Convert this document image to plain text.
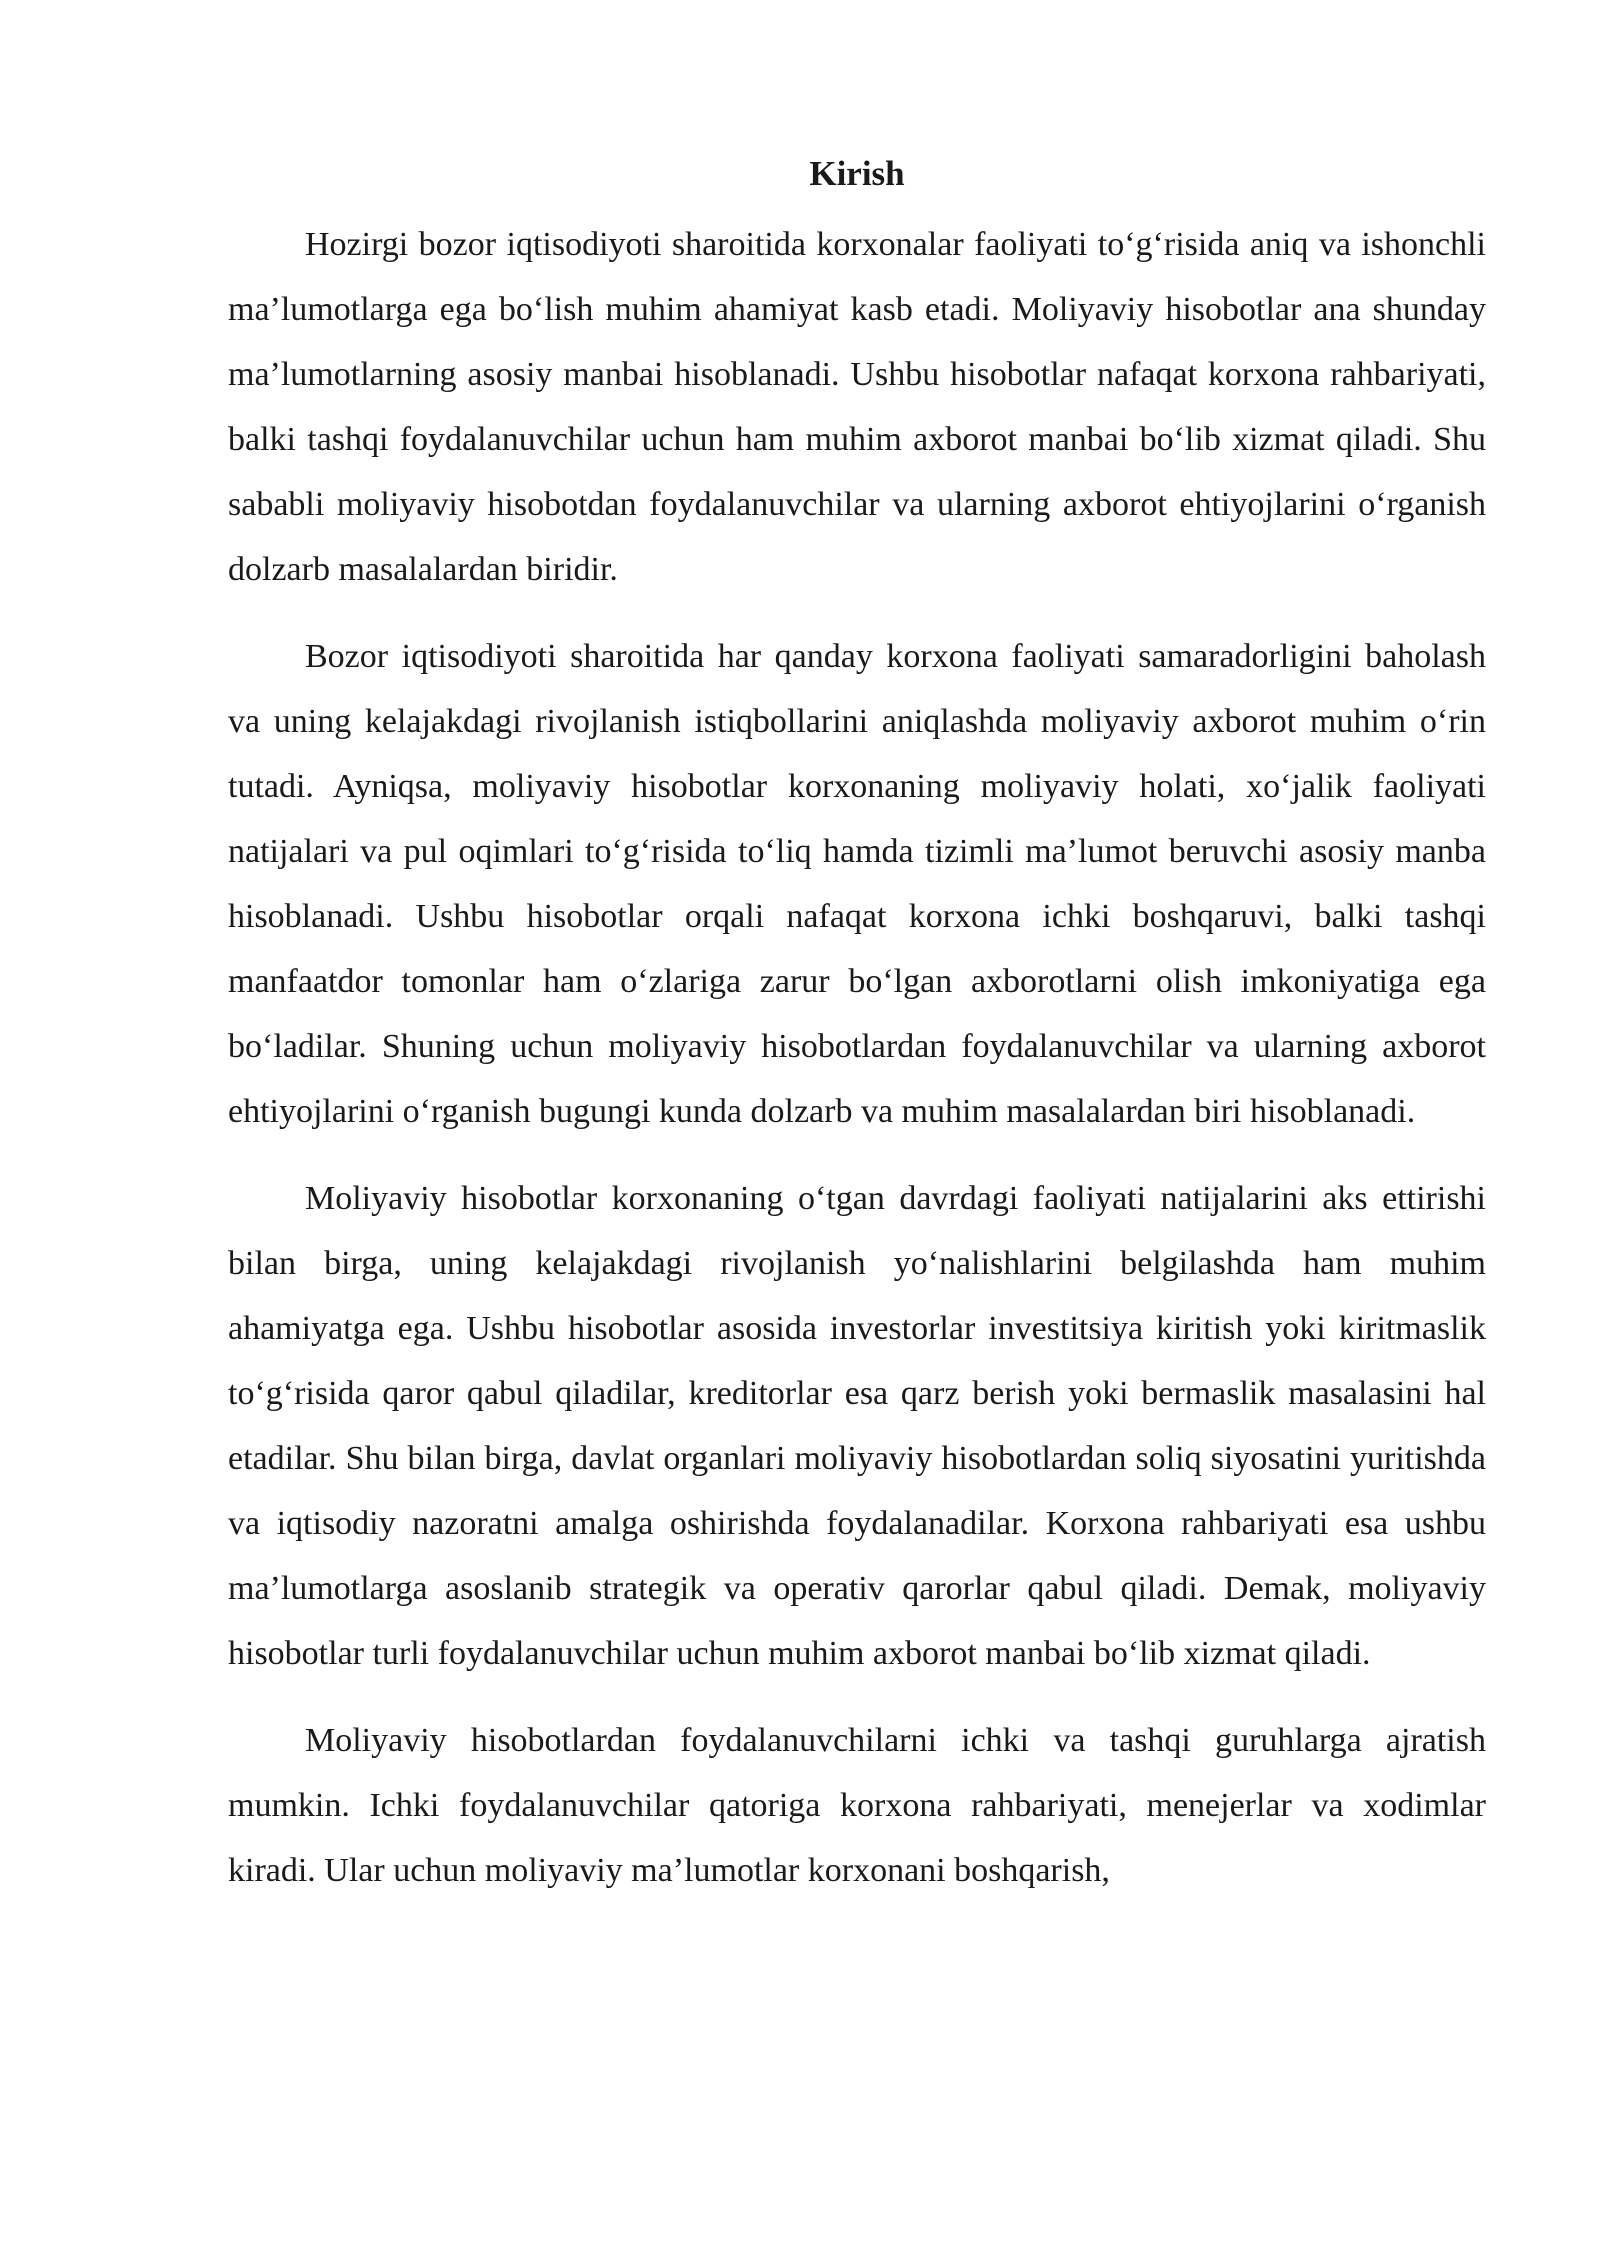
Kirish

Hozirgi bozor iqtisodiyoti sharoitida korxonalar faoliyati to‘g‘risida aniq va ishonchli ma’lumotlarga ega bo‘lish muhim ahamiyat kasb etadi. Moliyaviy hisobotlar ana shunday ma’lumotlarning asosiy manbai hisoblanadi. Ushbu hisobotlar nafaqat korxona rahbariyati, balki tashqi foydalanuvchilar uchun ham muhim axborot manbai bo‘lib xizmat qiladi. Shu sababli moliyaviy hisobotdan foydalanuvchilar va ularning axborot ehtiyojlarini o‘rganish dolzarb masalalardan biridir.

Bozor iqtisodiyoti sharoitida har qanday korxona faoliyati samaradorligini baholash va uning kelajakdagi rivojlanish istiqbollarini aniqlashda moliyaviy axborot muhim o‘rin tutadi. Ayniqsa, moliyaviy hisobotlar korxonaning moliyaviy holati, xo‘jalik faoliyati natijalari va pul oqimlari to‘g‘risida to‘liq hamda tizimli ma’lumot beruvchi asosiy manba hisoblanadi. Ushbu hisobotlar orqali nafaqat korxona ichki boshqaruvi, balki tashqi manfaatdor tomonlar ham o‘zlariga zarur bo‘lgan axborotlarni olish imkoniyatiga ega bo‘ladilar. Shuning uchun moliyaviy hisobotlardan foydalanuvchilar va ularning axborot ehtiyojlarini o‘rganish bugungi kunda dolzarb va muhim masalalardan biri hisoblanadi.

Moliyaviy hisobotlar korxonaning o‘tgan davrdagi faoliyati natijalarini aks ettirishi bilan birga, uning kelajakdagi rivojlanish yo‘nalishlarini belgilashda ham muhim ahamiyatga ega. Ushbu hisobotlar asosida investorlar investitsiya kiritish yoki kiritmaslik to‘g‘risida qaror qabul qiladilar, kreditorlar esa qarz berish yoki bermaslik masalasini hal etadilar. Shu bilan birga, davlat organlari moliyaviy hisobotlardan soliq siyosatini yuritishda va iqtisodiy nazoratni amalga oshirishda foydalanadilar. Korxona rahbariyati esa ushbu ma’lumotlarga asoslanib strategik va operativ qarorlar qabul qiladi. Demak, moliyaviy hisobotlar turli foydalanuvchilar uchun muhim axborot manbai bo‘lib xizmat qiladi.

Moliyaviy hisobotlardan foydalanuvchilarni ichki va tashqi guruhlarga ajratish mumkin. Ichki foydalanuvchilar qatoriga korxona rahbariyati, menejerlar va xodimlar kiradi. Ular uchun moliyaviy ma’lumotlar korxonani boshqarish,
